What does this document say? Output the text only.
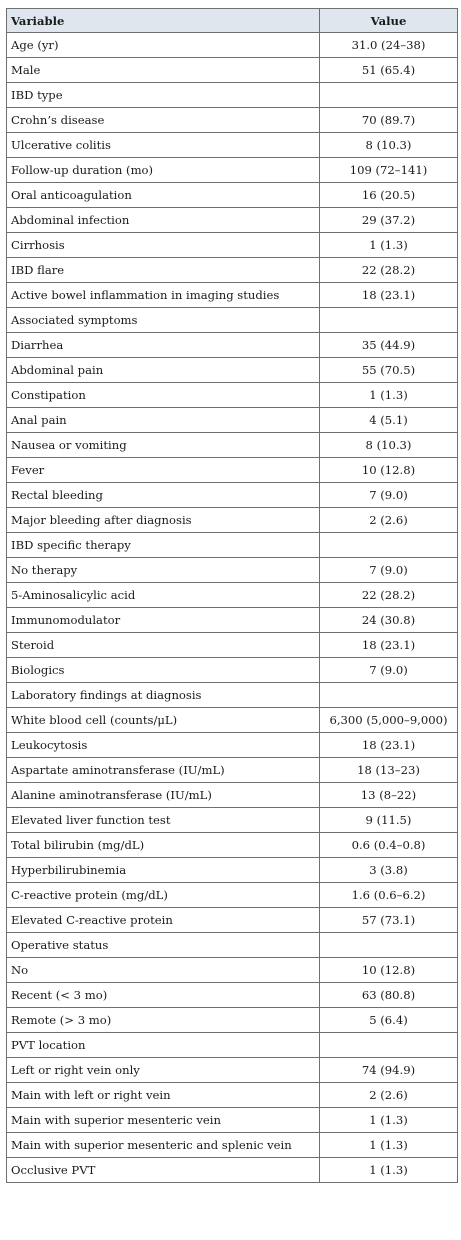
Variable	Value
Age (yr)	31.0 (24–38)
Male	51 (65.4)
IBD type	
Crohn’s disease	70 (89.7)
Ulcerative colitis	8 (10.3)
Follow-up duration (mo)	109 (72–141)
Oral anticoagulation	16 (20.5)
Abdominal infection	29 (37.2)
Cirrhosis	1 (1.3)
IBD flare	22 (28.2)
Active bowel inflammation in imaging studies	18 (23.1)
Associated symptoms	
Diarrhea	35 (44.9)
Abdominal pain	55 (70.5)
Constipation	1 (1.3)
Anal pain	4 (5.1)
Nausea or vomiting	8 (10.3)
Fever	10 (12.8)
Rectal bleeding	7 (9.0)
Major bleeding after diagnosis	2 (2.6)
IBD specific therapy	
No therapy	7 (9.0)
5-Aminosalicylic acid	22 (28.2)
Immunomodulator	24 (30.8)
Steroid	18 (23.1)
Biologics	7 (9.0)
Laboratory findings at diagnosis	
White blood cell (counts/μL)	6,300 (5,000–9,000)
Leukocytosis	18 (23.1)
Aspartate aminotransferase (IU/mL)	18 (13–23)
Alanine aminotransferase (IU/mL)	13 (8–22)
Elevated liver function test	9 (11.5)
Total bilirubin (mg/dL)	0.6 (0.4–0.8)
Hyperbilirubinemia	3 (3.8)
C-reactive protein (mg/dL)	1.6 (0.6–6.2)
Elevated C-reactive protein	57 (73.1)
Operative status	
No	10 (12.8)
Recent (< 3 mo)	63 (80.8)
Remote (> 3 mo)	5 (6.4)
PVT location	
Left or right vein only	74 (94.9)
Main with left or right vein	2 (2.6)
Main with superior mesenteric vein	1 (1.3)
Main with superior mesenteric and splenic vein	1 (1.3)
Occlusive PVT	1 (1.3)
